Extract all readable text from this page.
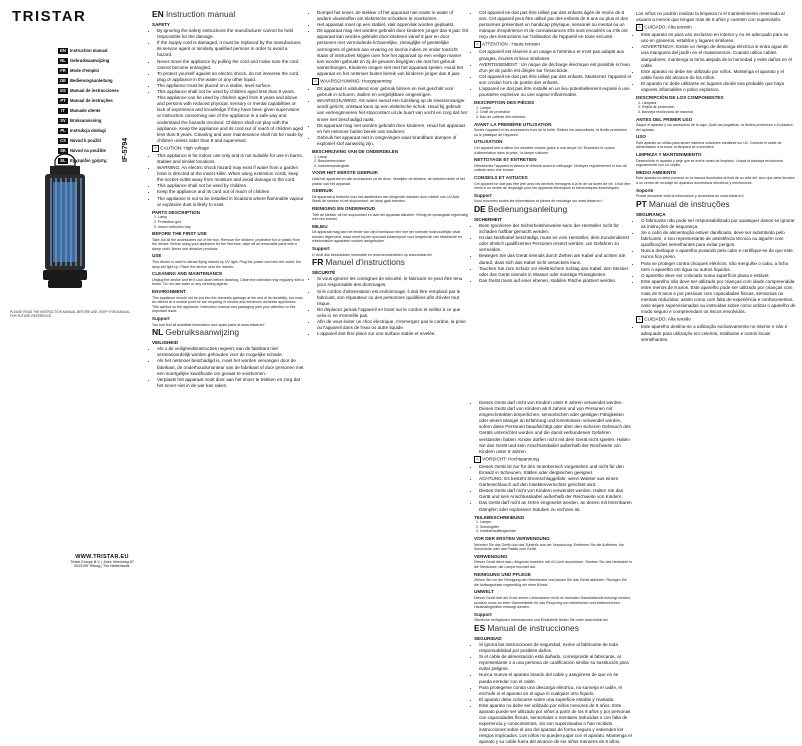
TRISTAR
EN Instruction manual
NL	Gebruiksaanwijzing
FR	Mode d'emploi
DE Bedienungsanleitung
ES	Manual de instrucciones
PT	Manual de instruções
IT	Manuale utente
SV	Bruksanvisning
PL	Instrukcja obsługi
CS Návod k použití
SK Návod na použitie
EL	Εγχειρίδιο χρήσης IF-5794
PLEASE READ THE INSTRUCTION MANUAL BEFORE USE. KEEP THIS MANUAL FOR FUTURE REFERENCE.
WWW.TRISTAR.EU
Tristar Europe B.V. | Jules Verneweg 87
5015 BH Tilburg | The Netherlands
EN Instruction manual
SAFETY
• By ignoring the safety instructions the manufacturer cannot be held responsible for the damage.
• If the supply cord is damaged, it must be replaced by the manufacturer, its service agent or similarly qualified persons in order to avoid a hazard.
• Never move the appliance by pulling the cord and make sure the cord cannot become entangled.
• To protect yourself against an electric shock, do not immerse the cord, plug or appliance in the water or any other liquid.
• The appliance must be placed on a stable, level surface.
• This appliance shall not be used by children aged less than 8 years. This appliance can be used by children aged from 8 years and above and persons with reduced physical, sensory or mental capabilities or lack of experience and knowledge if they have been given supervision or instruction concerning use of the appliance in a safe way and understand the hazards involved. Children shall not play with the appliance. Keep the appliance and its cord out of reach of children aged less than 8 years. Cleaning and user maintenance shall not be made by children unless older than 8 and supervised.

⚠ CAUTION: High voltage

• This appliance is for indoor use only and is not suitable for use in barns, stables and similar locations.
• WARNING: An electric shock hazard may exist if water from a garden hose is directed at the insect killer. When using extension cords, keep the socket-outlet away from moisture and avoid damage to the cord.
• This appliance shall not be used by children.
• Keep the appliance and its cord out of reach of children.
• The appliance is not to be installed in locations where flammable vapour or explosive dust is likely to exist.
PARTS DESCRIPTION
1. Lamp
2. Protection grid
3. Insect collection tray
BEFORE THE FIRST USE

Take out all the accessories out of the box. Remove the stickers, protective foil or plastic from the device. Before using your appliance for the first time, wipe off all removable parts with a damp cloth. Never use abrasive products.

USE

This device is used to attract flying insects by UV light. Plug the power cord into the outlet; the lamp will light up. Place the device near the insects.

CLEANING AND MAINTENANCE

Unplug the device and let it cool down before cleaning. Clean the collection tray regularly with a brush. Do not use water or any cleaning agents.

ENVIRONMENT

This appliance should not be put into the domestic garbage at the end of its durability, but must be offered at a central point for the recycling of electric and electronic domestic appliances. This symbol on the appliance, instruction manual and packaging puts your attention to this important issue.

Support

You can find all available information and spare parts at www.tristar.eu!

NL Gebruiksaanwijzing
VEILIGHEID
• Als u de veiligheidsinstructies negeert, kan de fabrikant niet verantwoordelijk worden gehouden voor de mogelijke schade.
• Als het netsnoer beschadigd is, moet het worden vervangen door de fabrikant, de onderhoudsmonteur van de fabrikant of door personen met een soortgelijke kwalificatie om gevaar te voorkomen.
• Verplaats het apparaat nooit door aan het snoer te trekken en zorg dat het snoer niet in de war kan raken.
• Dompel het snoer, de stekker of het apparaat niet onder in water of andere vloeistoffen om elektrische schokken te voorkomen.
• Het apparaat moet op een stabiel, vlak oppervlak worden geplaatst.
• Dit apparaat mag niet worden gebruikt door kinderen jonger dan 8 jaar. Dit apparaat kan worden gebruikt door kinderen vanaf 8 jaar en door personen met verminderde lichamelijke, zintuiglijke of geestelijke vermogens of gebrek aan ervaring en kennis indien ze onder toezicht staan of instructies krijgen over hoe het apparaat op een veilige manier kan worden gebruikt en zij de gevaren begrijpen die met het gebruik samenhangen. Kinderen mogen niet met het apparaat spelen. Houd het apparaat en het netsnoer buiten bereik van kinderen jonger dan 8 jaar.

⚠ WAARSCHUWING: Hoogspanning

• Dit apparaat is uitsluitend voor gebruik binnen en niet geschikt voor gebruik in schuren, stallen en vergelijkbare omgevingen.
• WAARSCHUWING: Als water vanuit een tuinslang op de insectenvanger wordt gericht, ontstaat kans op een elektrische schok. Houd bij gebruik van verlengsnoeren het stopcontact uit de buurt van vocht en zorg dat het snoer niet beschadigd raakt.
• Dit apparaat mag niet worden gebruikt door kinderen. Houd het apparaat en het netsnoer buiten bereik van kinderen.
• Gebruik het apparaat niet in omgevingen waar brandbare dampen of explosief stof aanwezig zijn.
BESCHRIJVING VAN DE ONDERDELEN
1. Lamp
2. Beschermrooster
3. Insectenopvangbak
VOOR HET EERSTE GEBRUIK

Haal het apparaat en alle accessoires uit de doos. Verwijder de stickers, de beschermfolie of het plastic van het apparaat.

GEBRUIK

Dit apparaat is bedoeld voor het aantrekken van vliegende insecten door middel van UV-licht. Steek de stekker in het stopcontact; de lamp gaat branden.

REINIGING EN ONDERHOUD

Trek de stekker uit het stopcontact en laat het apparaat afkoelen. Reinig de opvangbak regelmatig met een borstel.

MILIEU

Dit apparaat mag aan het einde van zijn levensduur niet met het normale huishoudelijke afval worden afgevoerd, maar moet bij een speciaal inzamelpunt voor hergebruik van elektrische en elektronische apparaten worden aangeboden.

Support

U vindt alle beschikbare informatie en reserveonderdelen op www.tristar.eu!

FR Manuel d'instructions
SÉCURITÉ
• Si vous ignorez les consignes de sécurité, le fabricant ne peut être tenu pour responsable des dommages.
• Si le cordon d'alimentation est endommagé, il doit être remplacé par le fabricant, son réparateur ou des personnes qualifiées afin d'éviter tout risque.
• Ne déplacez jamais l'appareil en tirant sur le cordon et veillez à ce que celui-ci ne s'emmêle pas.
• Afin de vous éviter un choc électrique, n'immergez pas le cordon, la prise ou l'appareil dans de l'eau ou autre liquide.
• L'appareil doit être placé sur une surface stable et nivelée.
• Cet appareil ne doit pas être utilisé par des enfants âgés de moins de 8 ans. Cet appareil peut être utilisé par des enfants de 8 ans ou plus et des personnes présentant un handicap physique, sensoriel ou mental ou un manque d'expérience et de connaissances s'ils sont encadrés ou s'ils ont reçu des instructions sur l'utilisation de l'appareil en toute sécurité.

⚠ ATTENTION : Haute tension

• Cet appareil est réservé à un usage à l'intérieur et n'est pas adapté aux granges, écuries et lieux similaires.
• AVERTISSEMENT : Un risque de décharge électrique est possible si l'eau d'un jet de jardin est dirigée sur l'insecticide.
• Cet appareil ne doit pas être utilisé par des enfants. Maintenez l'appareil et son cordon hors de portée des enfants.
• L'appareil ne doit pas être installé en un lieu potentiellement exposé à une poussière explosive ou une vapeur inflammable.
DESCRIPTION DES PIÈCES
1. Lampe
2. Grille de protection
3. Bac de collecte des insectes
AVANT LA PREMIÈRE UTILISATION

Sortez l'appareil et les accessoires hors de la boîte. Retirez les autocollants, la feuille protectrice ou le plastique de l'appareil.

UTILISATION

Cet appareil sert à attirer les insectes volants grâce à une lampe UV. Branchez le cordon d'alimentation dans la prise ; la lampe s'allume.

NETTOYAGE ET ENTRETIEN

Débranchez l'appareil et laissez-le refroidir avant le nettoyage. Nettoyez régulièrement le bac de collecte avec une brosse.

CONSEILS ET ASTUCES

Cet appareil ne doit pas être jeté avec les déchets ménagers à la fin de sa durée de vie, il doit être remis à un centre de recyclage pour les appareils électriques et électroniques domestiques.

Support

Vous trouverez toutes les informations et pièces de rechange sur www.tristar.eu !

DE Bedienungsanleitung
SICHERHEIT
• Beim Ignorieren der Sicherheitshinweise kann der Hersteller nicht für Schäden haftbar gemacht werden.
• Ist das Netzkabel beschädigt, muss es vom Hersteller, dem Kundendienst oder ähnlich qualifizierten Personen ersetzt werden, um Gefahren zu vermeiden.
• Bewegen Sie das Gerät niemals durch Ziehen am Kabel und achten Sie darauf, dass sich das Kabel nicht verwickeln kann.
• Tauchen Sie zum Schutz vor elektrischem Schlag das Kabel, den Stecker oder das Gerät niemals in Wasser oder sonstige Flüssigkeiten.
• Das Gerät muss auf einer ebenen, stabilen Fläche platziert werden.

Los niños no podrán realizar la limpieza ni el mantenimiento reservado al usuario a menos que tengan más de 8 años y cuenten con supervisión.

⚠ CUIDADO: Alta tensión

• Este aparato es para uso exclusivo en interior y no es adecuado para su uso en graneros, establos y lugares similares.
• ADVERTENCIA: Existe un riesgo de descarga eléctrica si entra agua de una manguera del jardín en el matainsectos. Cuando utilice cables alargadores, mantenga la toma alejada de la humedad y evite daños en el cable.
• Este aparato no debe ser utilizado por niños. Mantenga el aparato y el cable fuera del alcance de los niños.
• El aparato no debe utilizarse en lugares donde sea probable que haya vapores inflamables o polvo explosivo.
DESCRIPCIÓN DE LOS COMPONENTES
1. Lámpara
2. Rejilla de protección
3. Bandeja recolectora de insectos
ANTES DEL PRIMER USO

Saque el aparato y los accesorios de la caja. Quite las pegatinas, la lámina protectora o el plástico del aparato.

USO

Este aparato se utiliza para atraer insectos voladores mediante luz UV. Conecte el cable de alimentación a la toma; la lámpara se encenderá.

LIMPIEZA Y MANTENIMIENTO

Desenchufe el aparato y deje que se enfríe antes de limpiarlo. Limpie la bandeja recolectora regularmente con un cepillo.

MEDIO AMBIENTE

Este aparato no debe ponerse en la basura doméstica al final de su vida útil, sino que debe llevarse a un centro de reciclaje de aparatos domésticos eléctricos y electrónicos.

Soporte

Puede encontrar toda la información y recambios en www.tristar.eu!

PT Manual de instruções
SEGURANÇA
• O fabricante não pode ser responsabilizado por quaisquer danos se ignorar as instruções de segurança.
• Se o cabo de alimentação estiver danificado, deve ser substituído pelo fabricante, o seu representante de assistência técnica ou alguém com qualificações semelhantes para evitar perigos.
• Nunca desloque o aparelho puxando pelo cabo e certifique-se de que este nunca fica preso.
• Para se proteger contra choques elétricos, não mergulhe o cabo, a ficha nem o aparelho em água ou outros líquidos.
• O aparelho deve ser colocado numa superfície plana e estável.
• Este aparelho não deve ser utilizado por crianças com idade compreendida entre menos de 8 anos. Este aparelho pode ser utilizado por crianças com mais de 8 anos e por pessoas com capacidades físicas, sensoriais ou mentais reduzidas, assim como com falta de experiência e conhecimentos, caso sejam supervisionadas ou instruídas sobre como utilizar o aparelho de modo seguro e compreendam os riscos envolvidos.

⚠ CUIDADO: Alta tensão

• Este aparelho destina-se a utilização exclusivamente no interior e não é adequado para utilização em celeiros, estábulos e outros locais semelhantes.
• Dieses Gerät darf nicht von Kindern unter 8 Jahren verwendet werden. Dieses Gerät darf von Kindern ab 8 Jahren und von Personen mit eingeschränkten körperlichen, sensorischen oder geistigen Fähigkeiten oder einem Mangel an Erfahrung und Kenntnissen verwendet werden, sofern diese Personen beaufsichtigt oder über den sicheren Gebrauch des Geräts unterrichtet wurden und die damit verbundenen Gefahren verstanden haben. Kinder dürfen nicht mit dem Gerät nicht spielen. Halten Sie das Gerät und sein Anschlusskabel außerhalb der Reichweite von Kindern unter 8 Jahren.

⚠ VORSICHT: Hochspannung

• Dieses Gerät ist nur für den Innenbereich vorgesehen und nicht für den Einsatz in Scheunen, Ställen oder dergleichen geeignet.
• ACHTUNG: Es besteht Stromschlaggefahr, wenn Wasser aus einem Gartenschlauch auf den Insektenvernichter gerichtet wird.
• Dieses Gerät darf nicht von Kindern verwendet werden. Halten Sie das Gerät und sein Anschlusskabel außerhalb der Reichweite von Kindern.
• Das Gerät darf nicht an Orten eingesetzt werden, an denen mit brennbaren Dämpfen oder explosiven Stäuben zu rechnen ist.
TEILEBESCHREIBUNG
1. Lampe
2. Schutzgitter
3. Insektenauffangschale
VOR DER ERSTEN VERWENDUNG

Nehmen Sie das Gerät und das Zubehör aus der Verpackung. Entfernen Sie die Aufkleber, die Schutzfolie oder das Plastik vom Gerät.

VERWENDUNG

Dieses Gerät dient dazu, fliegende Insekten mit UV-Licht anzulocken. Stecken Sie das Netzkabel in die Steckdose; die Lampe leuchtet auf.

REINIGUNG UND PFLEGE

Ziehen Sie vor der Reinigung den Netzstecker und lassen Sie das Gerät abkühlen. Reinigen Sie die Auffangschale regelmäßig mit einer Bürste.

UMWELT

Dieses Gerät darf am Ende seiner Lebensdauer nicht im normalen Haushaltsmüll entsorgt werden, sondern muss an einer Sammelstelle für das Recycling von elektrischen und elektronischen Haushaltsgeräten entsorgt werden.

Support

Sämtliche verfügbaren Informationen und Ersatzteile finden Sie unter www.tristar.eu!

ES Manual de instrucciones
SEGURIDAD
• Si ignora las instrucciones de seguridad, exime al fabricante de toda responsabilidad por posibles daños.
• Si el cable de alimentación está dañado, corresponde al fabricante, al representante o a una persona de cualificación similar su sustitución para evitar peligros.
• Nunca mueva el aparato tirando del cable y asegúrese de que no se pueda enredar con el cable.
• Para protegerse contra una descarga eléctrica, no sumerja el cable, el enchufe ni el aparato en el agua ni cualquier otro líquido.
• El aparato debe colocarse sobre una superficie estable y nivelada.
• Este aparato no debe ser utilizado por niños menores de 8 años. Este aparato puede ser utilizado por niños a partir de los 8 años y por personas con capacidades físicas, sensoriales o mentales reducidas o con falta de experiencia y conocimientos, sin son supervisadas o han recibido instrucciones sobre el uso del aparato de forma segura y entienden los riesgos implicados. Los niños no pueden jugar con el aparato. Mantenga el aparato y su cable fuera del alcance de los niños menores de 8 años.
